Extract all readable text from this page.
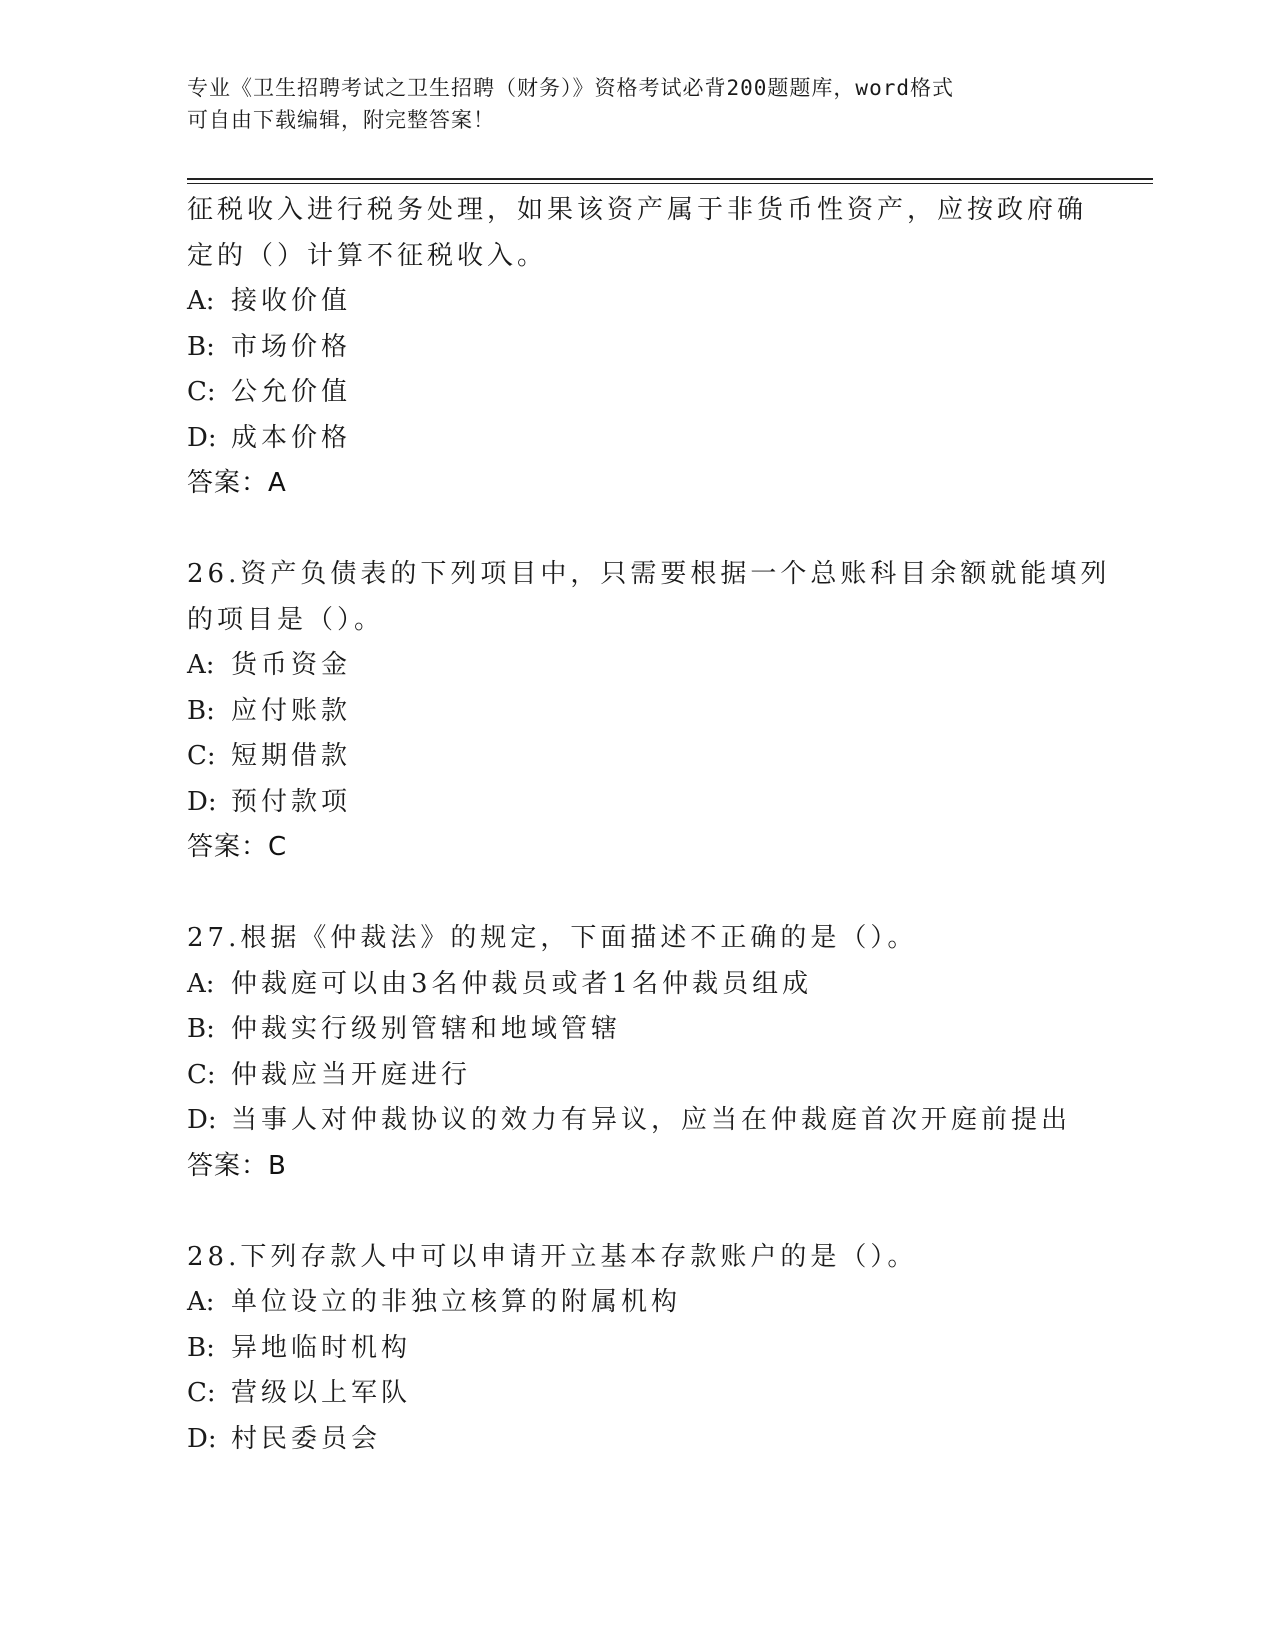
专业《卫生招聘考试之卫生招聘（财务）》资格考试必背200题题库，word格式
可自由下载编辑，附完整答案！
征税收入进行税务处理，如果该资产属于非货币性资产，应按政府确
定的（）计算不征税收入。
A: 接收价值
B: 市场价格
C: 公允价值
D: 成本价格
答案：A
26.资产负债表的下列项目中，只需要根据一个总账科目余额就能填列
的项目是（）。
A: 货币资金
B: 应付账款
C: 短期借款
D: 预付款项
答案：C
27.根据《仲裁法》的规定，下面描述不正确的是（）。
A: 仲裁庭可以由3名仲裁员或者1名仲裁员组成
B: 仲裁实行级别管辖和地域管辖
C: 仲裁应当开庭进行
D: 当事人对仲裁协议的效力有异议，应当在仲裁庭首次开庭前提出
答案：B
28.下列存款人中可以申请开立基本存款账户的是（）。
A: 单位设立的非独立核算的附属机构
B: 异地临时机构
C: 营级以上军队
D: 村民委员会
